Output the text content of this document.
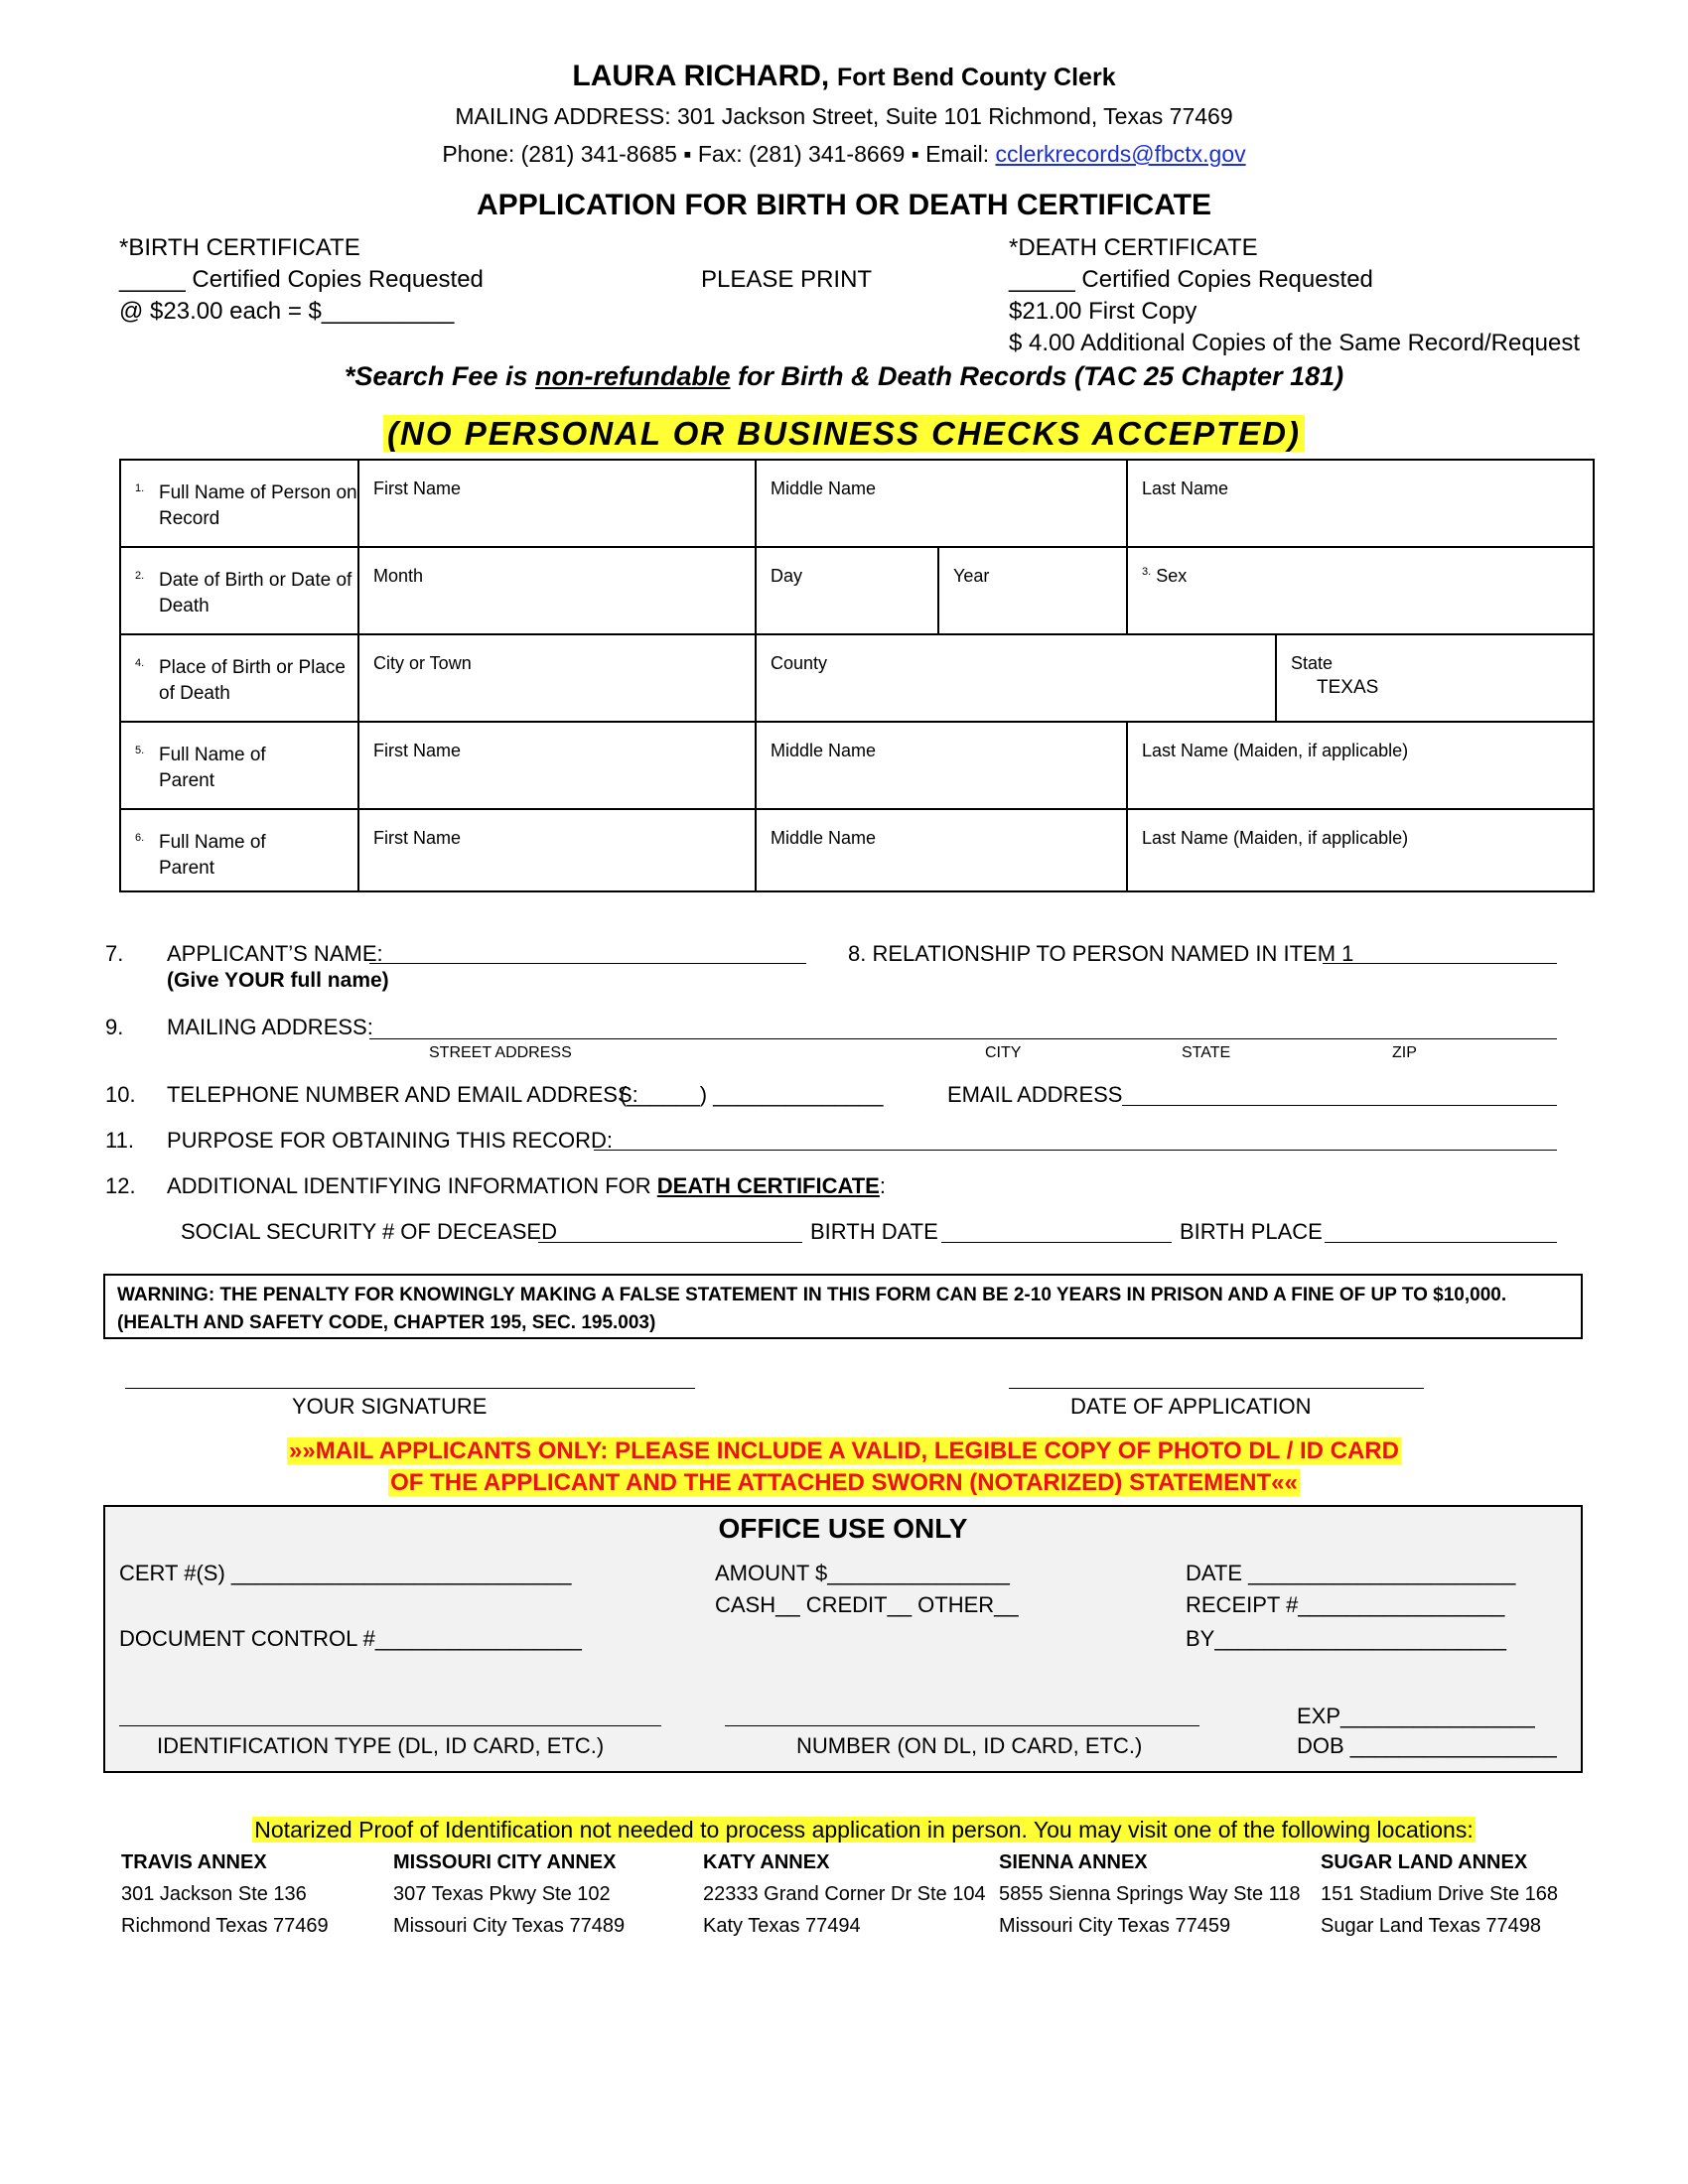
LAURA RICHARD, Fort Bend County Clerk
MAILING ADDRESS: 301 Jackson Street, Suite 101 Richmond, Texas 77469
Phone: (281) 341-8685 ▪ Fax: (281) 341-8669 ▪ Email: cclerkrecords@fbctx.gov
APPLICATION FOR BIRTH OR DEATH CERTIFICATE
*BIRTH CERTIFICATE
_____ Certified Copies Requested
@ $23.00 each = $__________
PLEASE PRINT
*DEATH CERTIFICATE
_____ Certified Copies Requested
$21.00 First Copy
$ 4.00 Additional Copies of the Same Record/Request
*Search Fee is non-refundable for Birth & Death Records (TAC 25 Chapter 181)
(NO PERSONAL OR BUSINESS CHECKS ACCEPTED)
1. Full Name of Person on Record
First Name	Middle Name	Last Name
2. Date of Birth or Date of Death
Month	Day	Year	$^{3.}$ Sex
4. Place of Birth or Place of Death
City or Town	County	State
TEXAS
5. Full Name of Parent
First Name	Middle Name	Last Name (Maiden, if applicable)
6. Full Name of Parent
First Name	Middle Name	Last Name (Maiden, if applicable)
7. APPLICANT’S NAME:
(Give YOUR full name)
8. RELATIONSHIP TO PERSON NAMED IN ITEM 1
9. MAILING ADDRESS:
STREET ADDRESS	CITY	STATE	ZIP
10. TELEPHONE NUMBER AND EMAIL ADDRESS:
(______) ______________	EMAIL ADDRESS
11. PURPOSE FOR OBTAINING THIS RECORD:
12. ADDITIONAL IDENTIFYING INFORMATION FOR DEATH CERTIFICATE:
SOCIAL SECURITY # OF DECEASED	BIRTH DATE	BIRTH PLACE
WARNING: THE PENALTY FOR KNOWINGLY MAKING A FALSE STATEMENT IN THIS FORM CAN BE 2-10 YEARS IN PRISON AND A FINE OF UP TO $10,000. (HEALTH AND SAFETY CODE, CHAPTER 195, SEC. 195.003)
YOUR SIGNATURE	DATE OF APPLICATION
»»MAIL APPLICANTS ONLY: PLEASE INCLUDE A VALID, LEGIBLE COPY OF PHOTO DL / ID CARD
OF THE APPLICANT AND THE ATTACHED SWORN (NOTARIZED) STATEMENT««
OFFICE USE ONLY
CERT #(S) ____________________________	AMOUNT $_______________
CASH__ CREDIT__ OTHER__
DATE ______________________
RECEIPT #_________________
BY________________________
DOCUMENT CONTROL #_________________
IDENTIFICATION TYPE (DL, ID CARD, ETC.)	NUMBER (ON DL, ID CARD, ETC.)
EXP________________
DOB _________________
Notarized Proof of Identification not needed to process application in person. You may visit one of the following locations:
TRAVIS ANNEX
301 Jackson Ste 136
Richmond Texas 77469
MISSOURI CITY ANNEX
307 Texas Pkwy Ste 102
Missouri City Texas 77489
KATY ANNEX
22333 Grand Corner Dr Ste 104
Katy Texas 77494
SIENNA ANNEX
5855 Sienna Springs Way Ste 118
Missouri City Texas 77459
SUGAR LAND ANNEX
151 Stadium Drive Ste 168
Sugar Land Texas 77498
